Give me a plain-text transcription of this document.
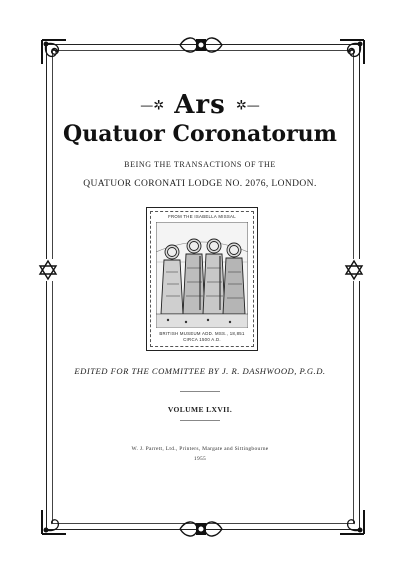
—✲ Ars ✲—
Quatuor Coronatorum
BEING THE TRANSACTIONS OF THE
QUATUOR CORONATI LODGE NO. 2076, LONDON.
FROM THE ISABELLA MISSAL
BRITISH MUSEUM ADD. MSS., 18,851
CIRCA 1500 A.D.
EDITED FOR THE COMMITTEE BY J. R. DASHWOOD, P.G.D.
VOLUME LXVII.
W. J. Parrett, Ltd., Printers, Margate and Sittingbourne
1955
